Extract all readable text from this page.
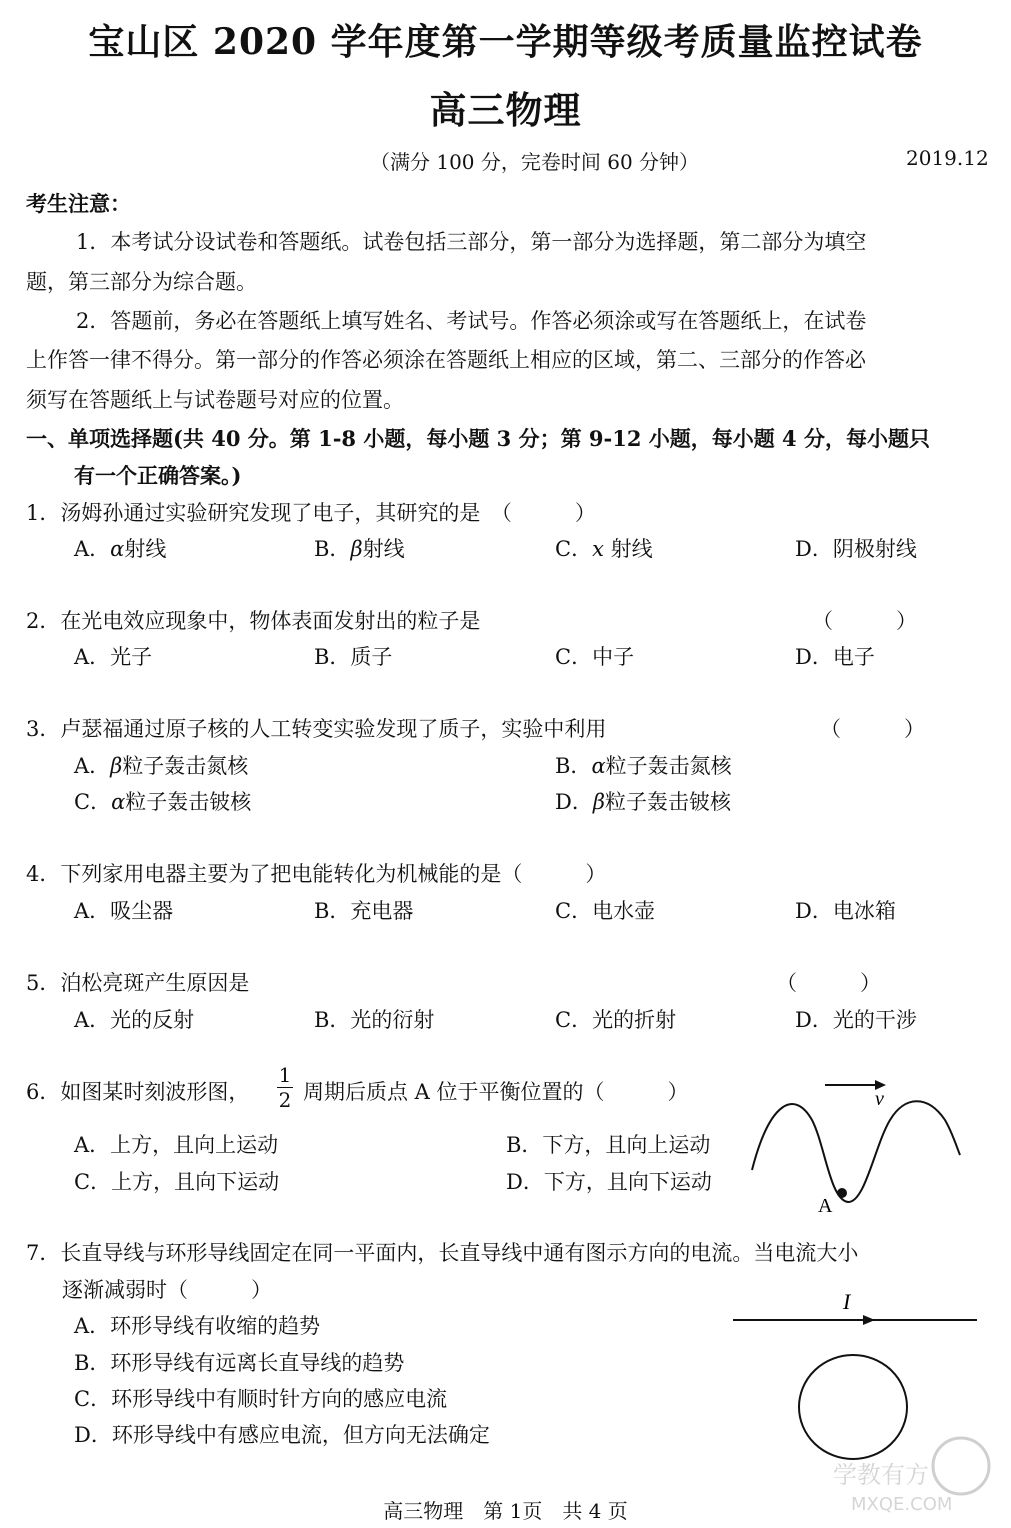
宝山区 2020 学年度第一学期等级考质量监控试卷
高三物理
（满分 100 分，完卷时间 60 分钟）	2019.12
考生注意：
1．本考试分设试卷和答题纸。试卷包括三部分，第一部分为选择题，第二部分为填空
题，第三部分为综合题。
2．答题前，务必在答题纸上填写姓名、考试号。作答必须涂或写在答题纸上，在试卷
上作答一律不得分。第一部分的作答必须涂在答题纸上相应的区域，第二、三部分的作答必
须写在答题纸上与试卷题号对应的位置。
一、单项选择题(共 40 分。第 1-8 小题，每小题 3 分；第 9-12 小题，每小题 4 分，每小题只
有一个正确答案。)
1．汤姆孙通过实验研究发现了电子，其研究的是　（　　　）
A．α射线	B．β射线	C．x 射线	D．阴极射线
2．在光电效应现象中，物体表面发射出的粒子是	（　　　）
A．光子	B．质子	C．中子	D．电子
3．卢瑟福通过原子核的人工转变实验发现了质子，实验中利用	（　　　）
A．β粒子轰击氮核	B．α粒子轰击氮核
C．α粒子轰击铍核	D．β粒子轰击铍核
4．下列家用电器主要为了把电能转化为机械能的是（　　　）
A．吸尘器	B．充电器	C．电水壶	D．电冰箱
5．泊松亮斑产生原因是	（　　　）
A．光的反射	B．光的衍射	C．光的折射	D．光的干涉
6．如图某时刻波形图，
1
2 周期后质点 A 位于平衡位置的（　　　）
A．上方，且向上运动	B．下方，且向上运动
C．上方，且向下运动	D．下方，且向下运动
v
A
7．长直导线与环形导线固定在同一平面内，长直导线中通有图示方向的电流。当电流大小
逐渐减弱时（　　　）
A．环形导线有收缩的趋势
B．环形导线有远离长直导线的趋势
C．环形导线中有顺时针方向的感应电流
D．环形导线中有感应电流，但方向无法确定
I
高三物理　第 1页　共 4 页
学教有方
MXQE.COM
